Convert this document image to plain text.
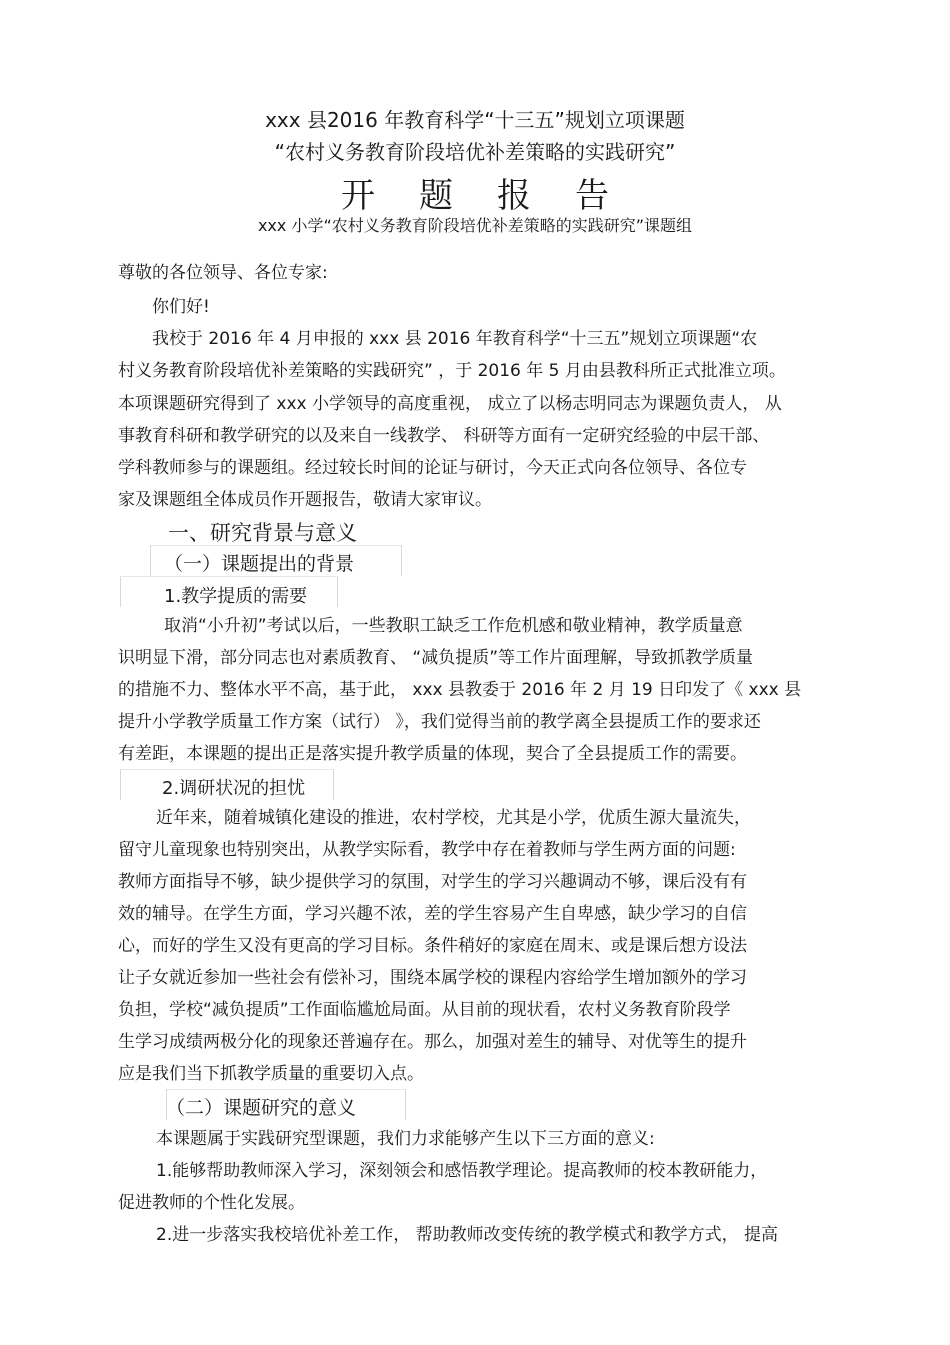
xxx 县2016 年教育科学“十三五”规划立项课题
“农村义务教育阶段培优补差策略的实践研究”
开题报告
xxx 小学“农村义务教育阶段培优补差策略的实践研究”课题组
尊敬的各位领导、各位专家:
你们好!
我校于 2016 年 4 月申报的 xxx 县 2016 年教育科学“十三五”规划立项课题“农
村义务教育阶段培优补差策略的实践研究” ，于 2016 年 5 月由县教科所正式批准立项。
本项课题研究得到了 xxx 小学领导的高度重视， 成立了以杨志明同志为课题负责人， 从
事教育科研和教学研究的以及来自一线教学、 科研等方面有一定研究经验的中层干部、
学科教师参与的课题组。经过较长时间的论证与研讨，今天正式向各位领导、各位专
家及课题组全体成员作开题报告，敬请大家审议。
一、研究背景与意义
（一）课题提出的背景
1.教学提质的需要
取消“小升初”考试以后，一些教职工缺乏工作危机感和敬业精神，教学质量意
识明显下滑，部分同志也对素质教育、 “减负提质”等工作片面理解，导致抓教学质量
的措施不力、整体水平不高，基于此， xxx 县教委于 2016 年 2 月 19 日印发了《 xxx 县
提升小学教学质量工作方案（试行） 》，我们觉得当前的教学离全县提质工作的要求还
有差距，本课题的提出正是落实提升教学质量的体现，契合了全县提质工作的需要。
2.调研状况的担忧
近年来，随着城镇化建设的推进，农村学校，尤其是小学，优质生源大量流失，
留守儿童现象也特别突出，从教学实际看，教学中存在着教师与学生两方面的问题:
教师方面指导不够，缺少提供学习的氛围，对学生的学习兴趣调动不够，课后没有有
效的辅导。在学生方面，学习兴趣不浓，差的学生容易产生自卑感，缺少学习的自信
心，而好的学生又没有更高的学习目标。条件稍好的家庭在周末、或是课后想方设法
让子女就近参加一些社会有偿补习，围绕本属学校的课程内容给学生增加额外的学习
负担，学校“减负提质”工作面临尴尬局面。从目前的现状看，农村义务教育阶段学
生学习成绩两极分化的现象还普遍存在。那么，加强对差生的辅导、对优等生的提升
应是我们当下抓教学质量的重要切入点。
（二）课题研究的意义
本课题属于实践研究型课题，我们力求能够产生以下三方面的意义:
1.能够帮助教师深入学习，深刻领会和感悟教学理论。提高教师的校本教研能力，
促进教师的个性化发展。
2.进一步落实我校培优补差工作， 帮助教师改变传统的教学模式和教学方式， 提高
